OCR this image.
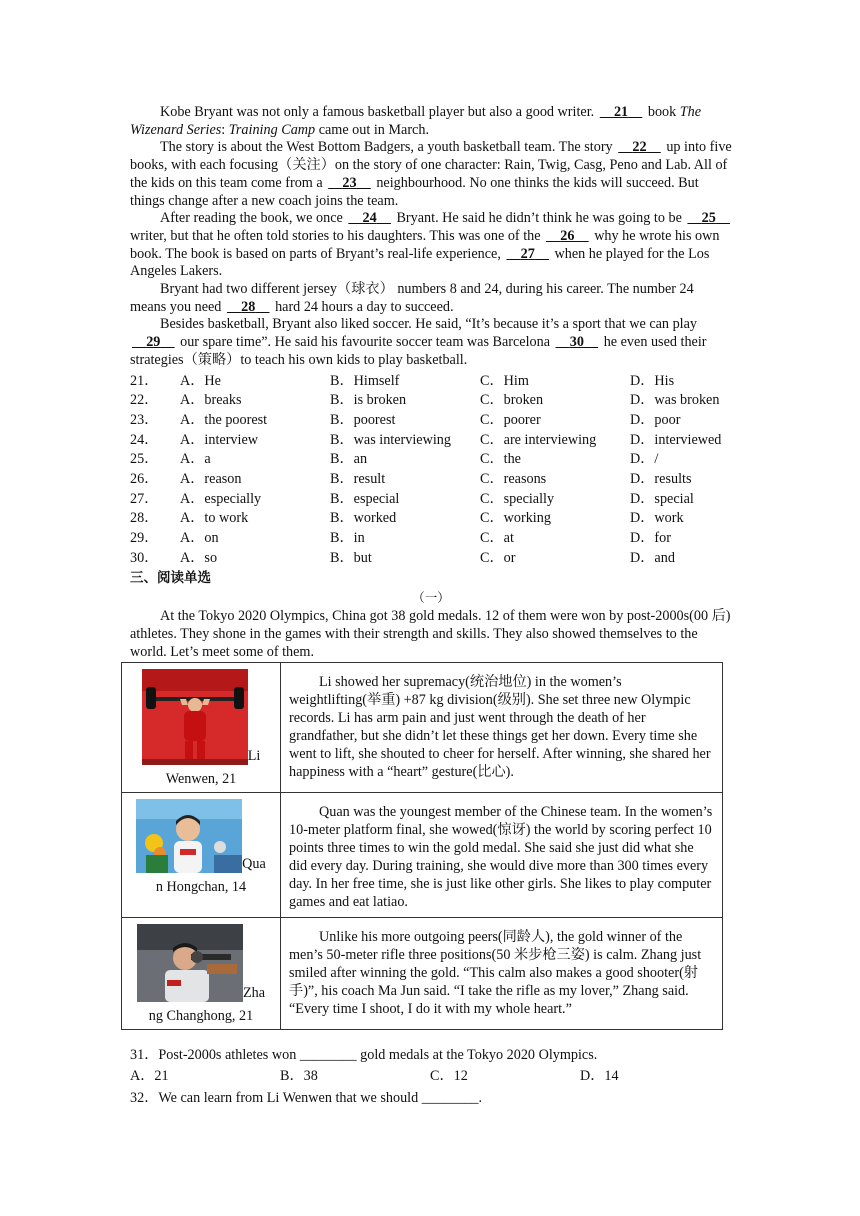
Kobe Bryant was not only a famous basketball player but also a good writer.     21     book The Wizenard Series: Training Camp came out in March.

The story is about the West Bottom Badgers, a youth basketball team. The story     22     up into five books, with each focusing（关注）on the story of one character: Rain, Twig, Casg, Peno and Lab. All of the kids on this team come from a     23     neighbourhood. No one thinks the kids will succeed. But things change after a new coach joins the team.

After reading the book, we once     24     Bryant. He said he didn’t think he was going to be     25     writer, but that he often told stories to his daughters. This was one of the     26     why he wrote his own book. The book is based on parts of Bryant’s real-life experience,     27     when he played for the Los Angeles Lakers.

Bryant had two different jersey（球衣） numbers 8 and 24, during his career. The number 24 means you need     28     hard 24 hours a day to succeed.

Besides basketball, Bryant also liked soccer. He said, “It’s because it’s a sport that we can play     29     our spare time”. He said his favourite soccer team was Barcelona     30     he even used their strategies（策略）to teach his own kids to play basketball.

21．	A．He	B．Himself	C．Him	D．His
22．	A．breaks	B．is broken	C．broken	D．was broken
23．	A．the poorest	B．poorest	C．poorer	D．poor
24．	A．interview	B．was interviewing	C．are interviewing	D．interviewed
25．	A．a	B．an	C．the	D．/
26．	A．reason	B．result	C．reasons	D．results
27．	A．especially	B．especial	C．specially	D．special
28．	A．to work	B．worked	C．working	D．work
29．	A．on	B．in	C．at	D．for
30．	A．so	B．but	C．or	D．and
三、阅读单选
（一）

At the Tokyo 2020 Olympics, China got 38 gold medals. 12 of them were won by post-2000s(00 后) athletes. They shone in the games with their strength and skills. They also showed themselves to the world. Let’s meet some of them.

Li

Wenwen, 21	Li showed her supremacy(统治地位) in the women’s weightlifting(举重) +87 kg division(级别). She set three new Olympic records. Li has arm pain and just went through the death of her grandfather, but she didn’t let these things get her down. Every time she went to lift, she shouted to cheer for herself. After winning, she shared her happiness with a “heart” gesture(比心).

Qua

n Hongchan, 14	Quan was the youngest member of the Chinese team. In the women’s 10-meter platform final, she wowed(惊讶) the world by scoring perfect 10 points three times to win the gold medal. She said she just did what she did every day. During training, she would dive more than 300 times every day. In her free time, she is just like other girls. She likes to play computer games and eat latiao.

Zha

ng Changhong, 21	Unlike his more outgoing peers(同龄人), the gold winner of the men’s 50-meter rifle three positions(50 米步枪三姿) is calm. Zhang just smiled after winning the gold. “This calm also makes a good shooter(射手)”, his coach Ma Jun said. “I take the rifle as my lover,” Zhang said. “Every time I shoot, I do it with my whole heart.”

31．Post-2000s athletes won ________ gold medals at the Tokyo 2020 Olympics.
A．21	B．38	C．12	D．14
32．We can learn from Li Wenwen that we should ________.
